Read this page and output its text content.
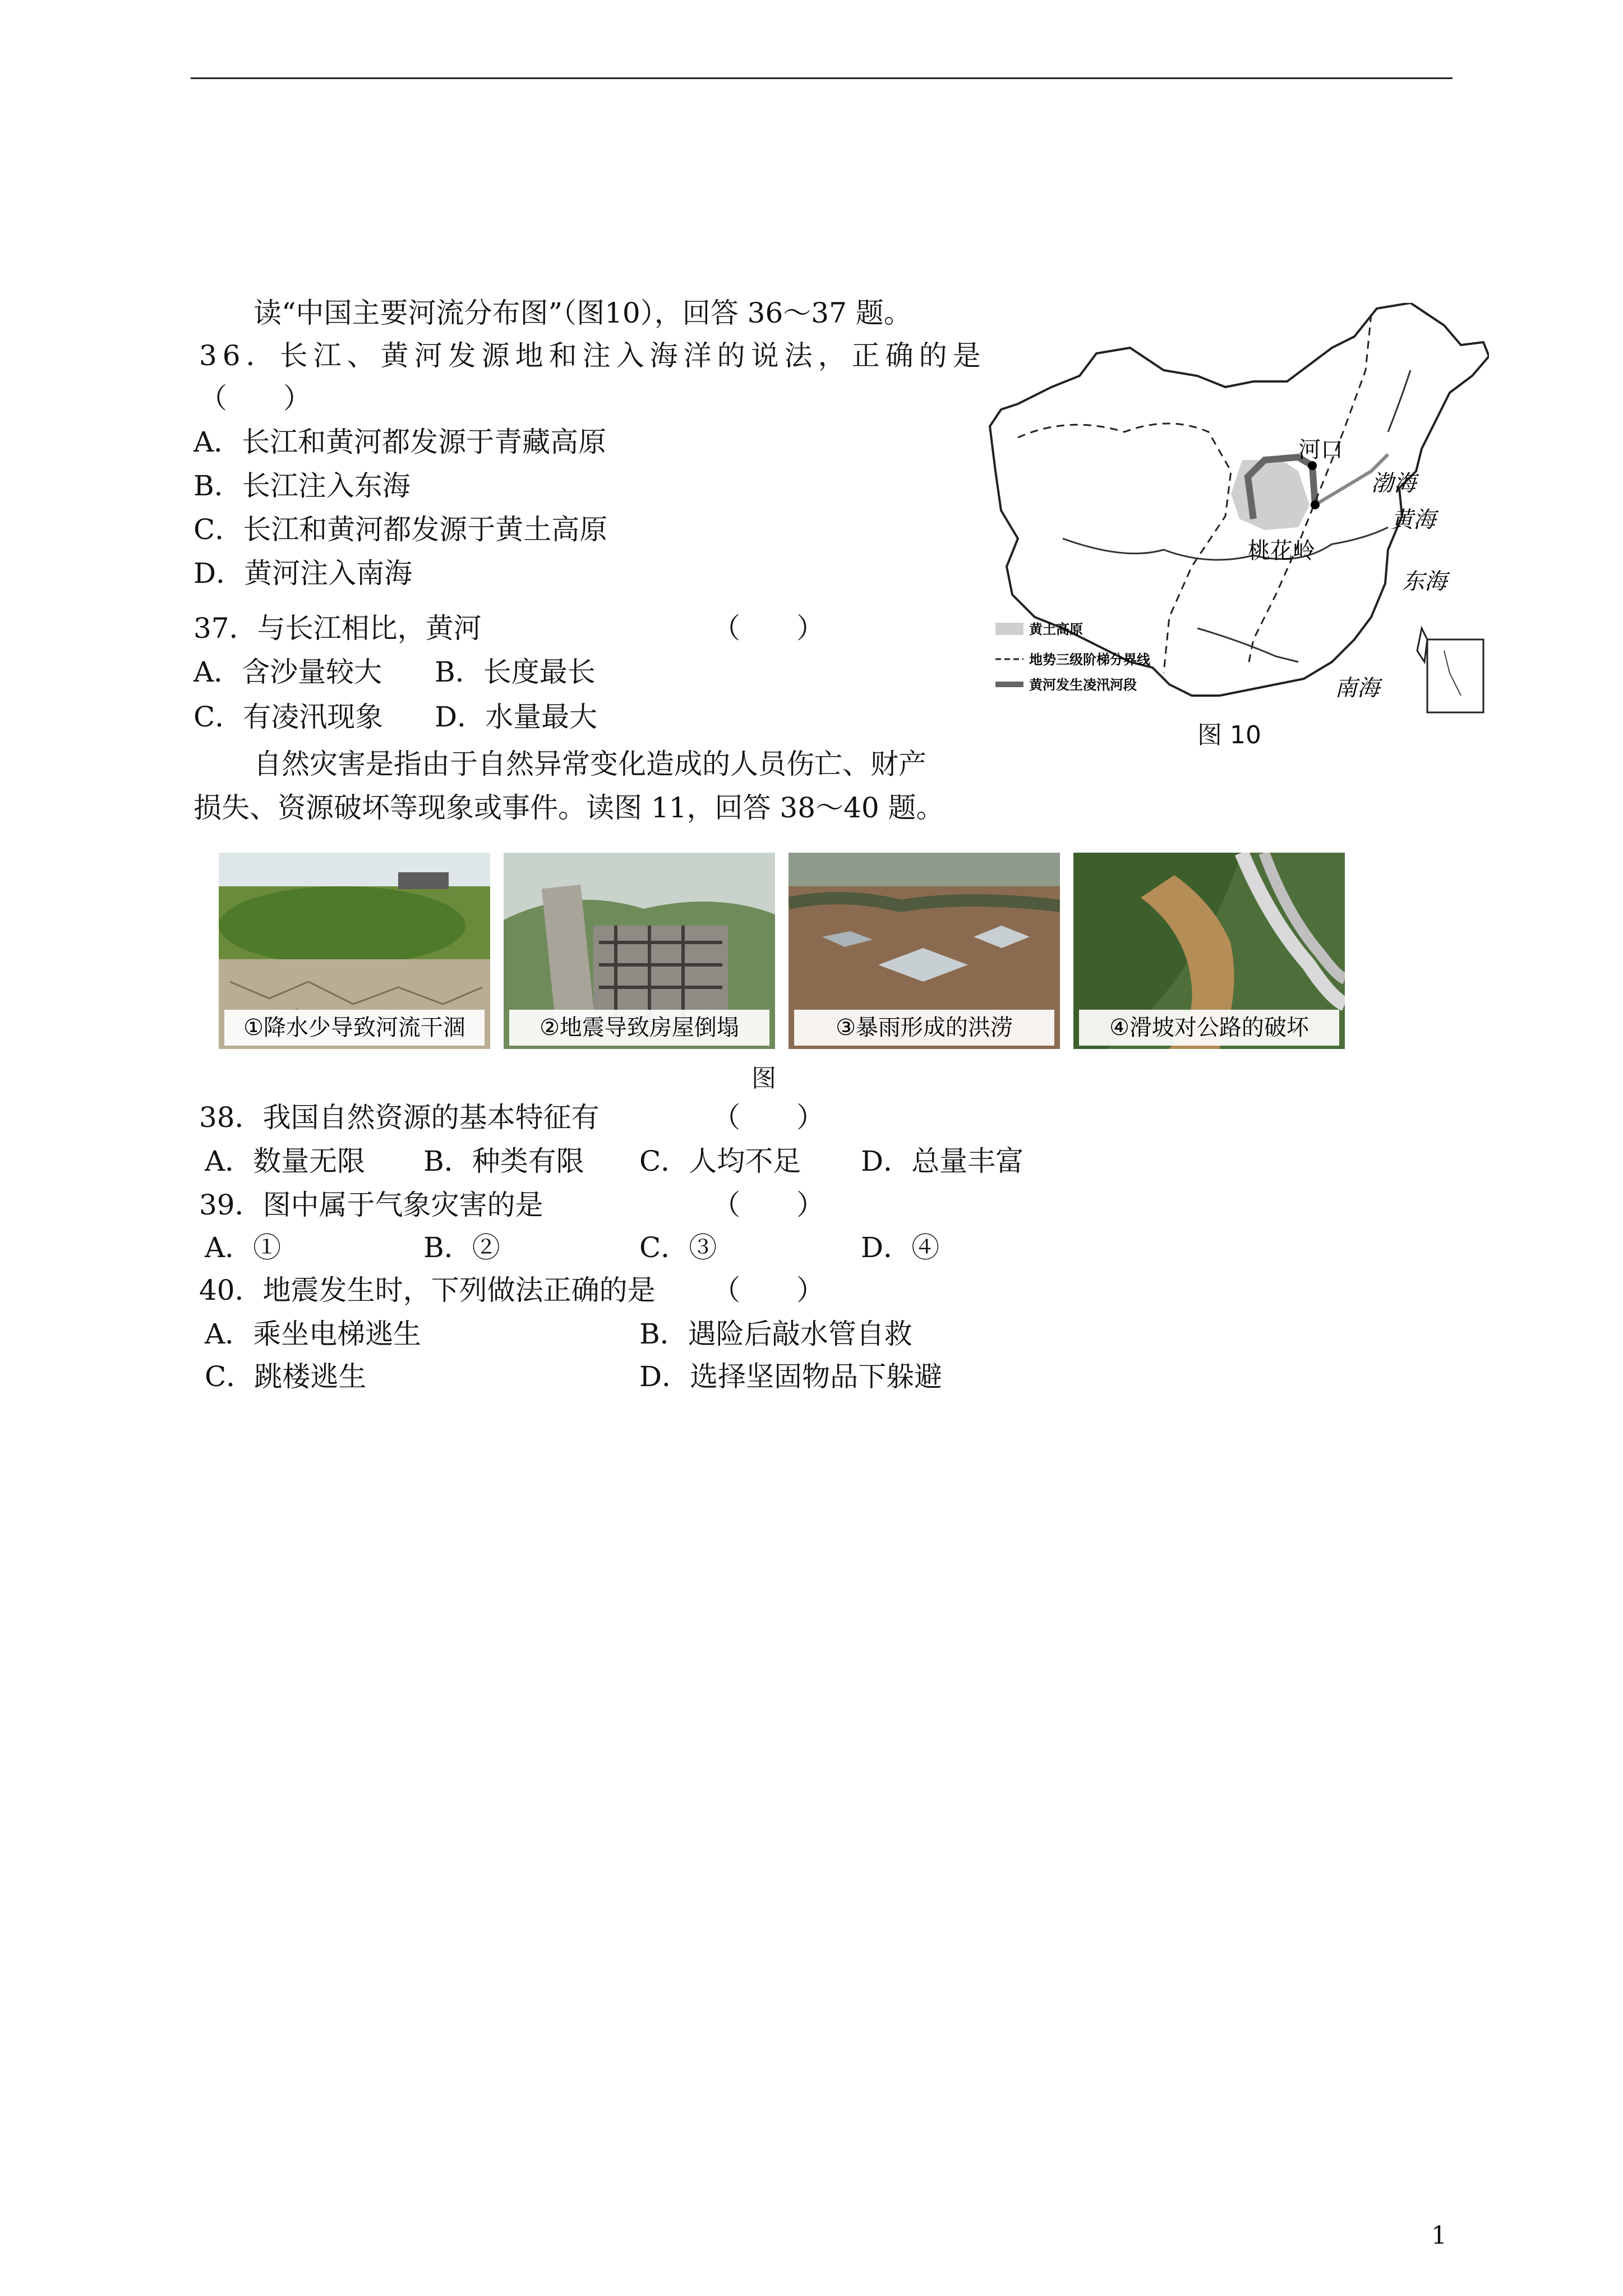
读“中国主要河流分布图”（图10），回答 36～37 题。
36．长江、黄河发源地和注入海洋的说法，正确的是
（　　）
A．长江和黄河都发源于青藏高原
B．长江注入东海
C．长江和黄河都发源于黄土高原
D．黄河注入南海
37．与长江相比，黄河	（　　）
A．含沙量较大 B．长度最长
C．有凌汛现象 D．水量最大
自然灾害是指由于自然异常变化造成的人员伤亡、财产
损失、资源破坏等现象或事件。读图 11，回答 38～40 题。
河口
桃花岭
渤海
黄海
东海
南海
黄土高原
地势三级阶梯分界线
黄河发生凌汛河段
图 10
①降水少导致河流干涸	②地震导致房屋倒塌	③暴雨形成的洪涝	④滑坡对公路的破坏
图
38．我国自然资源的基本特征有	（　　）
A．数量无限 B．种类有限 C．人均不足 D．总量丰富
39．图中属于气象灾害的是	（　　）
A．①	B．②	C．③	D．④
40．地震发生时，下列做法正确的是 （　　）
A．乘坐电梯逃生	B．遇险后敲水管自救
C．跳楼逃生	D．选择坚固物品下躲避
1
